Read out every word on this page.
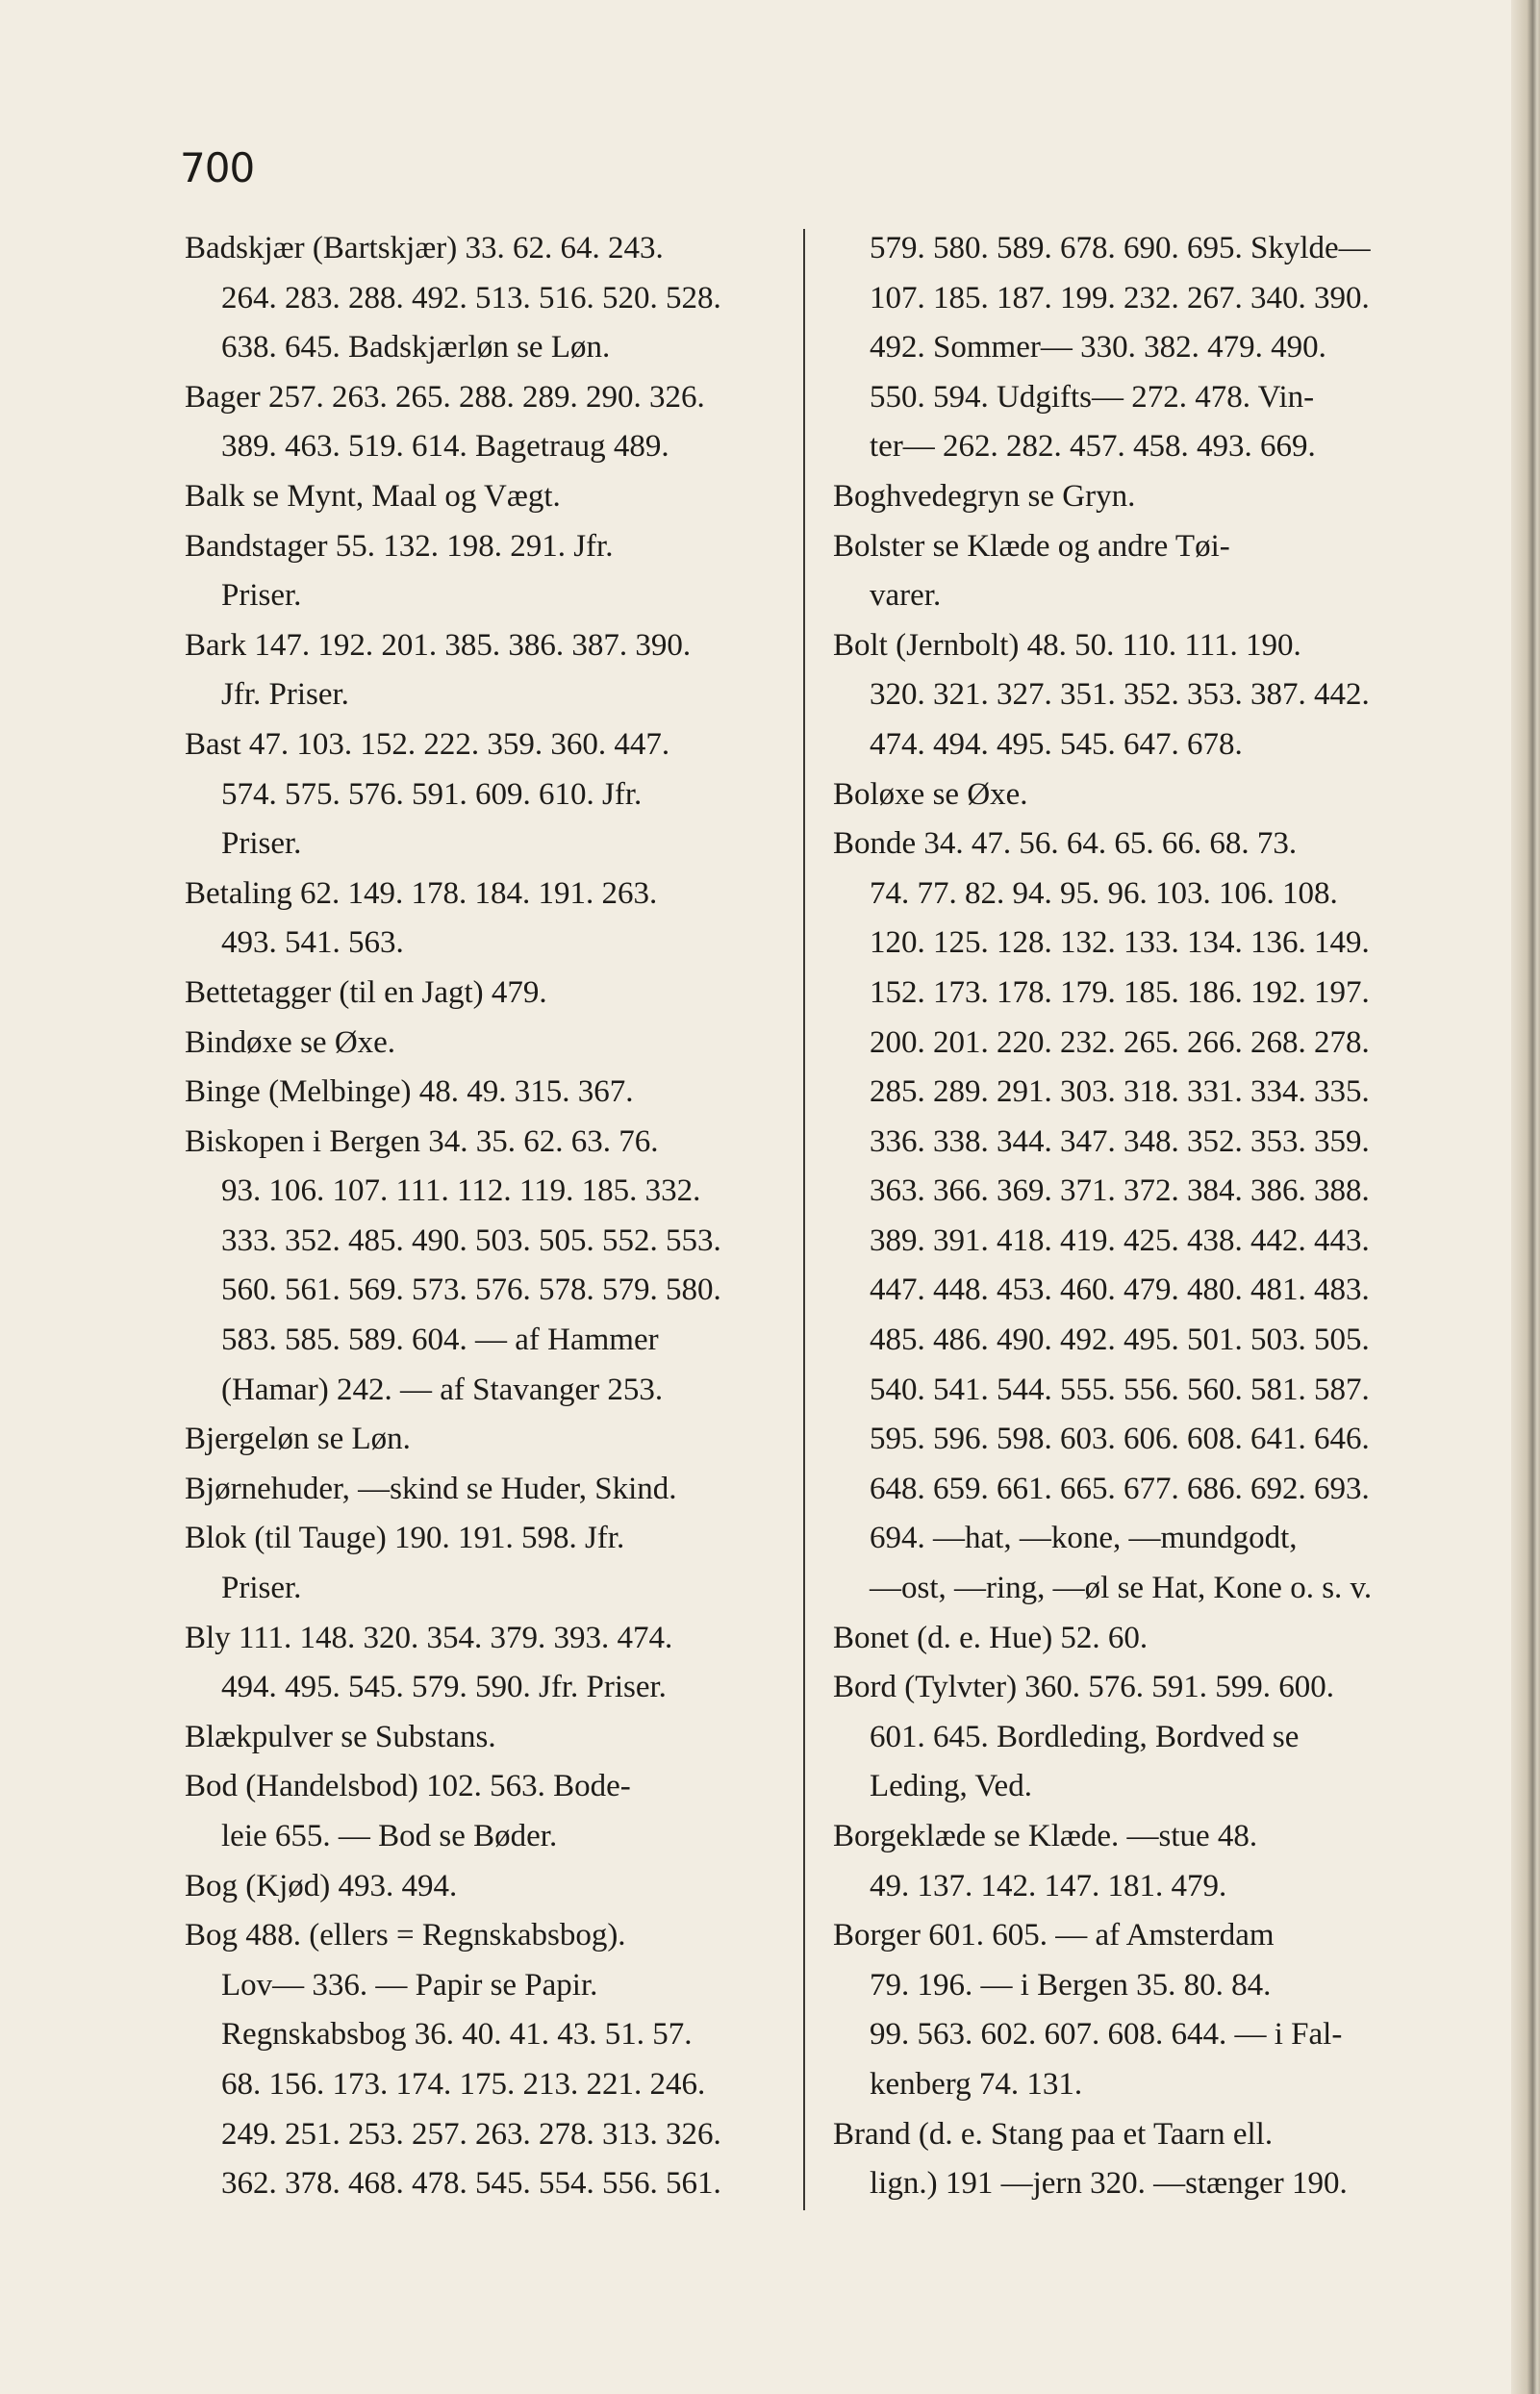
700
Badskjær (Bartskjær) 33. 62. 64. 243.
264. 283. 288. 492. 513. 516. 520. 528.
638. 645. Badskjærløn se Løn.
Bager 257. 263. 265. 288. 289. 290. 326.
389. 463. 519. 614. Bagetraug 489.
Balk se Mynt, Maal og Vægt.
Bandstager 55. 132. 198. 291. Jfr.
Priser.
Bark 147. 192. 201. 385. 386. 387. 390.
Jfr. Priser.
Bast 47. 103. 152. 222. 359. 360. 447.
574. 575. 576. 591. 609. 610. Jfr.
Priser.
Betaling 62. 149. 178. 184. 191. 263.
493. 541. 563.
Bettetagger (til en Jagt) 479.
Bindøxe se Øxe.
Binge (Melbinge) 48. 49. 315. 367.
Biskopen i Bergen 34. 35. 62. 63. 76.
93. 106. 107. 111. 112. 119. 185. 332.
333. 352. 485. 490. 503. 505. 552. 553.
560. 561. 569. 573. 576. 578. 579. 580.
583. 585. 589. 604. — af Hammer
(Hamar) 242. — af Stavanger 253.
Bjergeløn se Løn.
Bjørnehuder, —skind se Huder, Skind.
Blok (til Tauge) 190. 191. 598. Jfr.
Priser.
Bly 111. 148. 320. 354. 379. 393. 474.
494. 495. 545. 579. 590. Jfr. Priser.
Blækpulver se Substans.
Bod (Handelsbod) 102. 563. Bode-
leie 655. — Bod se Bøder.
Bog (Kjød) 493. 494.
Bog 488. (ellers = Regnskabsbog).
Lov— 336. — Papir se Papir.
Regnskabsbog 36. 40. 41. 43. 51. 57.
68. 156. 173. 174. 175. 213. 221. 246.
249. 251. 253. 257. 263. 278. 313. 326.
362. 378. 468. 478. 545. 554. 556. 561.
579. 580. 589. 678. 690. 695. Skylde—
107. 185. 187. 199. 232. 267. 340. 390.
492. Sommer— 330. 382. 479. 490.
550. 594. Udgifts— 272. 478. Vin-
ter— 262. 282. 457. 458. 493. 669.
Boghvedegryn se Gryn.
Bolster se Klæde og andre Tøi-
varer.
Bolt (Jernbolt) 48. 50. 110. 111. 190.
320. 321. 327. 351. 352. 353. 387. 442.
474. 494. 495. 545. 647. 678.
Boløxe se Øxe.
Bonde 34. 47. 56. 64. 65. 66. 68. 73.
74. 77. 82. 94. 95. 96. 103. 106. 108.
120. 125. 128. 132. 133. 134. 136. 149.
152. 173. 178. 179. 185. 186. 192. 197.
200. 201. 220. 232. 265. 266. 268. 278.
285. 289. 291. 303. 318. 331. 334. 335.
336. 338. 344. 347. 348. 352. 353. 359.
363. 366. 369. 371. 372. 384. 386. 388.
389. 391. 418. 419. 425. 438. 442. 443.
447. 448. 453. 460. 479. 480. 481. 483.
485. 486. 490. 492. 495. 501. 503. 505.
540. 541. 544. 555. 556. 560. 581. 587.
595. 596. 598. 603. 606. 608. 641. 646.
648. 659. 661. 665. 677. 686. 692. 693.
694. —hat, —kone, —mundgodt,
—ost, —ring, —øl se Hat, Kone o. s. v.
Bonet (d. e. Hue) 52. 60.
Bord (Tylvter) 360. 576. 591. 599. 600.
601. 645. Bordleding, Bordved se
Leding, Ved.
Borgeklæde se Klæde. —stue 48.
49. 137. 142. 147. 181. 479.
Borger 601. 605. — af Amsterdam
79. 196. — i Bergen 35. 80. 84.
99. 563. 602. 607. 608. 644. — i Fal-
kenberg 74. 131.
Brand (d. e. Stang paa et Taarn ell.
lign.) 191 —jern 320. —stænger 190.
